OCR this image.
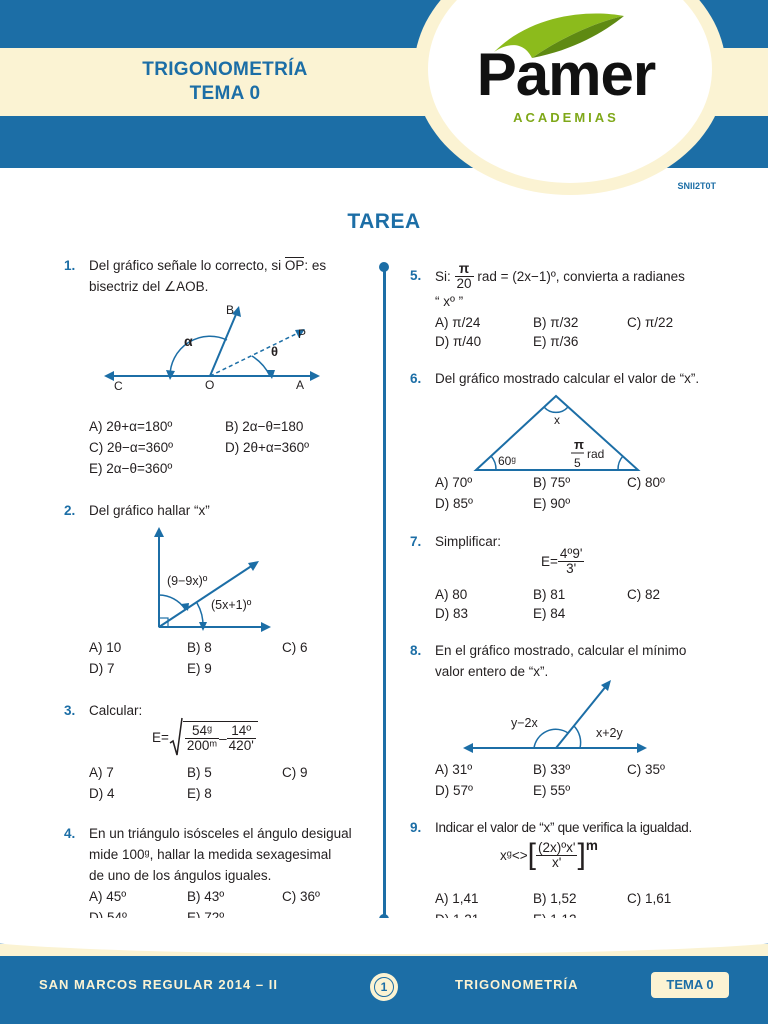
TRIGONOMETRÍA
TEMA 0	Pamer
ACADEMIAS
SNII2T0T
TAREA
1. Del gráfico señale lo correcto, si OP: es
bisectriz del ∠AOB.
B
P
C	O	A
α
θ
A) 2θ+α=180º	B) 2α−θ=180
C) 2θ−α=360º	D) 2θ+α=360º
E) 2α−θ=360º
2. Del gráfico hallar “x”
(9−9x)º
(5x+1)º
A) 10	B) 8	C) 6
D) 7	E) 9
3. Calcular:
$E= \frac{\text{54ᵍ}}{\text{200ᵐ}} - \frac{\text{14º}}{420'}$
A) 7	B) 5	C) 9
D) 4	E) 8
4. En un triángulo isósceles el ángulo desigual
mide 100ᵍ, hallar la medida sexagesimal
de uno de los ángulos iguales.
A) 45º	B) 43º	C) 36º
5. Si:
$\frac{\pi}{20}$
rad = (2x−1)º, convierta a radianes
“ xº ”
A) π/24	B) π/32	C) π/22
D) π/40	E) π/36
6. Del gráfico mostrado calcular el valor de “x”.
x
60ᵍ
π
5
rad
A) 70º	B) 75º	C) 80º
D) 85º	E) 90º
7. Simplificar:
$E= \frac{\text{4º9'}}{3'}$
A) 80	B) 81	C) 82
D) 83	E) 84
8. En el gráfico mostrado, calcular el mínimo
valor entero de “x”.
y−2x
x+2y
A) 31º	B) 33º	C) 35º
D) 57º	E) 55º
9. Indicar el valor de “x” que verifica la igualdad.
xᵍ<> [ $\frac{\text{(2x)ºx'}}{x'}$ ] m
A) 1,41	B) 1,52	C) 1,61
SAN MARCOS REGULAR 2014 – II	1	TRIGONOMETRÍA	TEMA 0
